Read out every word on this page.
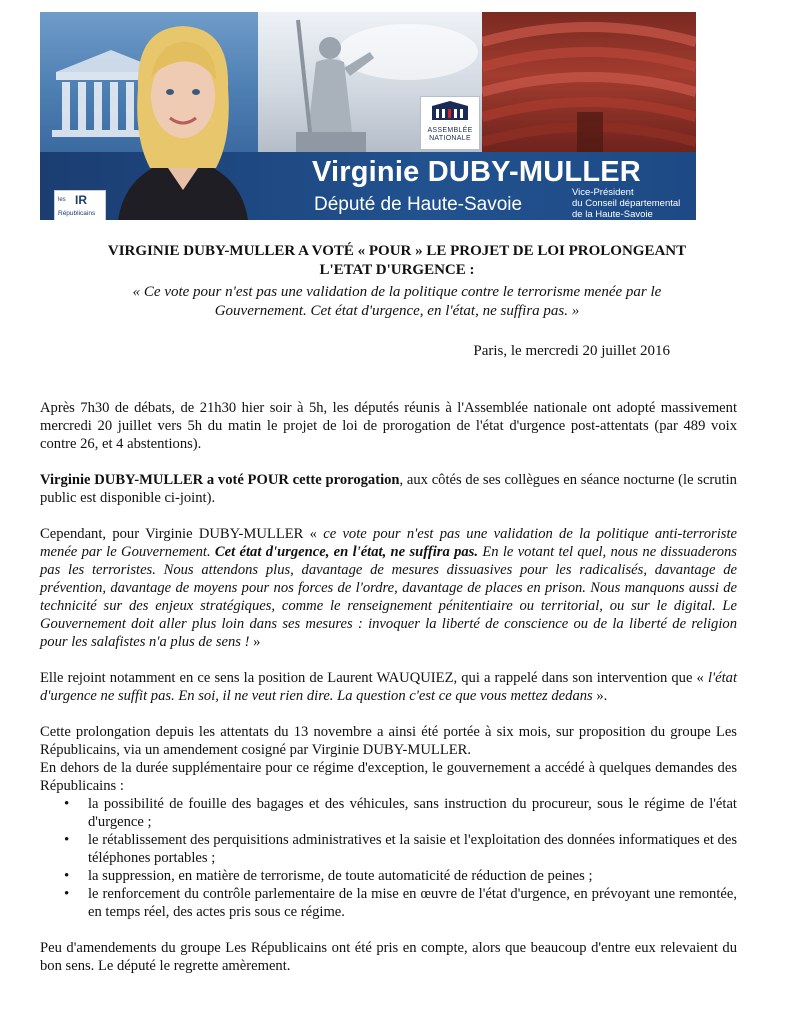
ASSEMBLÉE
NATIONALE
les IR
Républicains
Virginie DUBY-MULLER
Député de Haute-Savoie
Vice-Président
du Conseil départemental
de la Haute-Savoie
VIRGINIE DUBY-MULLER A VOTÉ « POUR » LE PROJET DE LOI PROLONGEANT
L'ETAT D'URGENCE :
« Ce vote pour n'est pas une validation de la politique contre le terrorisme menée par le
Gouvernement. Cet état d'urgence, en l'état, ne suffira pas. »
Paris, le mercredi 20 juillet 2016

Après 7h30 de débats, de 21h30 hier soir à 5h, les députés réunis à l'Assemblée nationale ont adopté massivement mercredi 20 juillet vers 5h du matin le projet de loi de prorogation de l'état d'urgence post-attentats (par 489 voix contre 26, et 4 abstentions).

Virginie DUBY-MULLER a voté POUR cette prorogation, aux côtés de ses collègues en séance nocturne (le scrutin public est disponible ci-joint).

Cependant, pour Virginie DUBY-MULLER « ce vote pour n'est pas une validation de la politique anti-terroriste menée par le Gouvernement. Cet état d'urgence, en l'état, ne suffira pas. En le votant tel quel, nous ne dissuaderons pas les terroristes. Nous attendons plus, davantage de mesures dissuasives pour les radicalisés, davantage de prévention, davantage de moyens pour nos forces de l'ordre, davantage de places en prison. Nous manquons aussi de technicité sur des enjeux stratégiques, comme le renseignement pénitentiaire ou territorial, ou sur le digital. Le Gouvernement doit aller plus loin dans ses mesures : invoquer la liberté de conscience ou de la liberté de religion pour les salafistes n'a plus de sens ! »

Elle rejoint notamment en ce sens la position de Laurent WAUQUIEZ, qui a rappelé dans son intervention que « l'état d'urgence ne suffit pas. En soi, il ne veut rien dire. La question c'est ce que vous mettez dedans ».

Cette prolongation depuis les attentats du 13 novembre a ainsi été portée à six mois, sur proposition du groupe Les Républicains, via un amendement cosigné par Virginie DUBY-MULLER.

En dehors de la durée supplémentaire pour ce régime d'exception, le gouvernement a accédé à quelques demandes des Républicains :

• la possibilité de fouille des bagages et des véhicules, sans instruction du procureur, sous le régime de l'état d'urgence ;
• le rétablissement des perquisitions administratives et la saisie et l'exploitation des données informatiques et des téléphones portables ;
• la suppression, en matière de terrorisme, de toute automaticité de réduction de peines ;
• le renforcement du contrôle parlementaire de la mise en œuvre de l'état d'urgence, en prévoyant une remontée, en temps réel, des actes pris sous ce régime.

Peu d'amendements du groupe Les Républicains ont été pris en compte, alors que beaucoup d'entre eux relevaient du bon sens. Le député le regrette amèrement.
